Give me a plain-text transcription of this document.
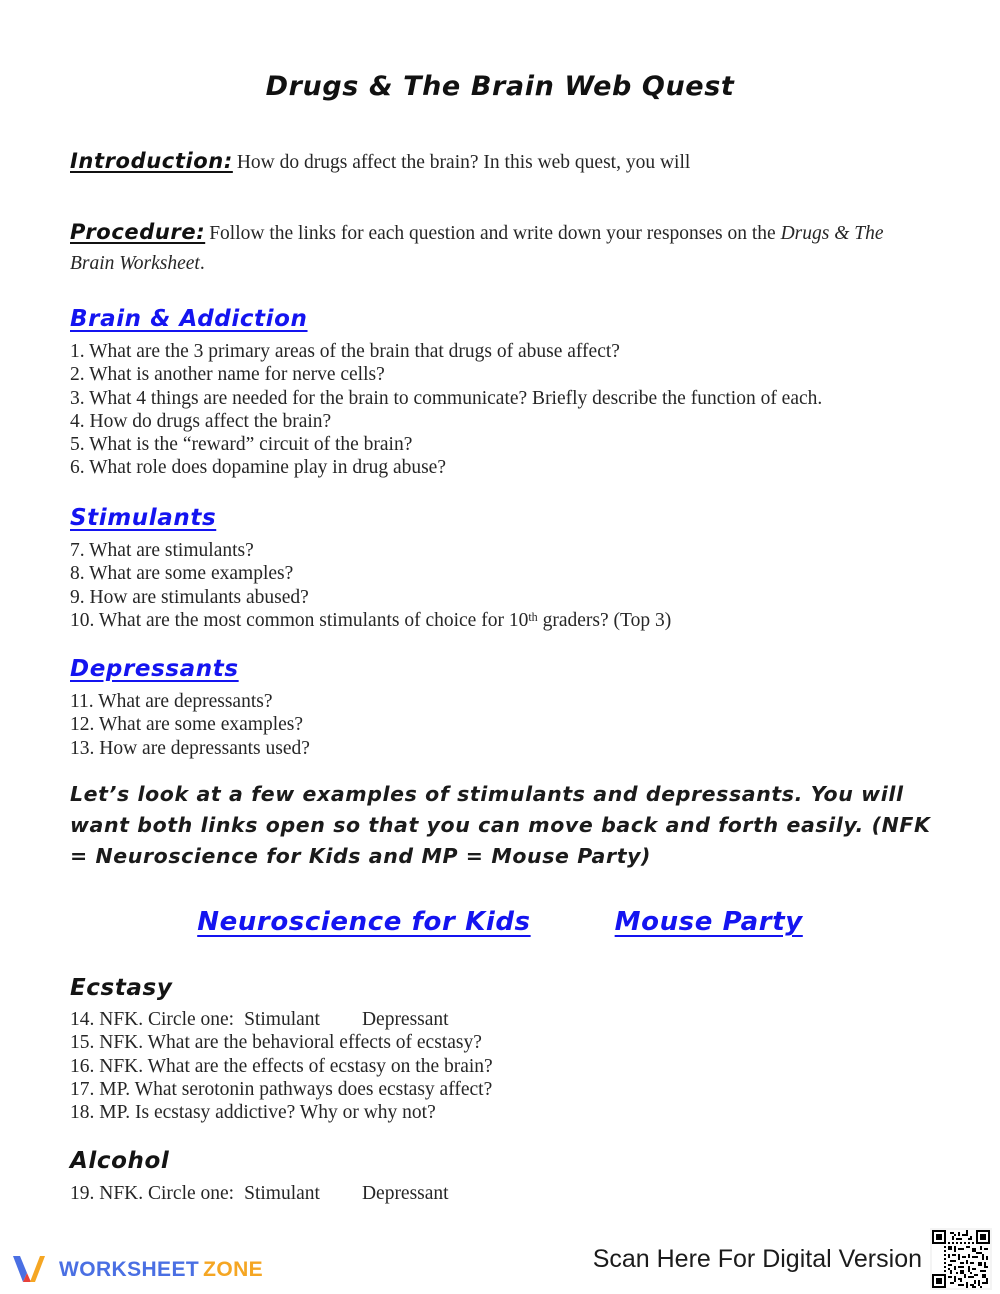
Drugs & The Brain Web Quest
Introduction: How do drugs affect the brain? In this web quest, you will
Procedure: Follow the links for each question and write down your responses on the Drugs & The Brain Worksheet.
Brain & Addiction
1. What are the 3 primary areas of the brain that drugs of abuse affect?
2. What is another name for nerve cells?
3. What 4 things are needed for the brain to communicate? Briefly describe the function of each.
4. How do drugs affect the brain?
5. What is the “reward” circuit of the brain?
6. What role does dopamine play in drug abuse?
Stimulants
7. What are stimulants?
8. What are some examples?
9. How are stimulants abused?
10. What are the most common stimulants of choice for 10th graders? (Top 3)
Depressants
11. What are depressants?
12. What are some examples?
13. How are depressants used?
Let’s look at a few examples of stimulants and depressants. You will want both links open so that you can move back and forth easily. (NFK = Neuroscience for Kids and MP = Mouse Party)
Neuroscience for Kids	Mouse Party
Ecstasy
14. NFK. Circle one: Stimulant Depressant
15. NFK. What are the behavioral effects of ecstasy?
16. NFK. What are the effects of ecstasy on the brain?
17. MP. What serotonin pathways does ecstasy affect?
18. MP. Is ecstasy addictive? Why or why not?
Alcohol
19. NFK. Circle one: Stimulant Depressant
WORKSHEET ZONE	Scan Here For Digital Version
